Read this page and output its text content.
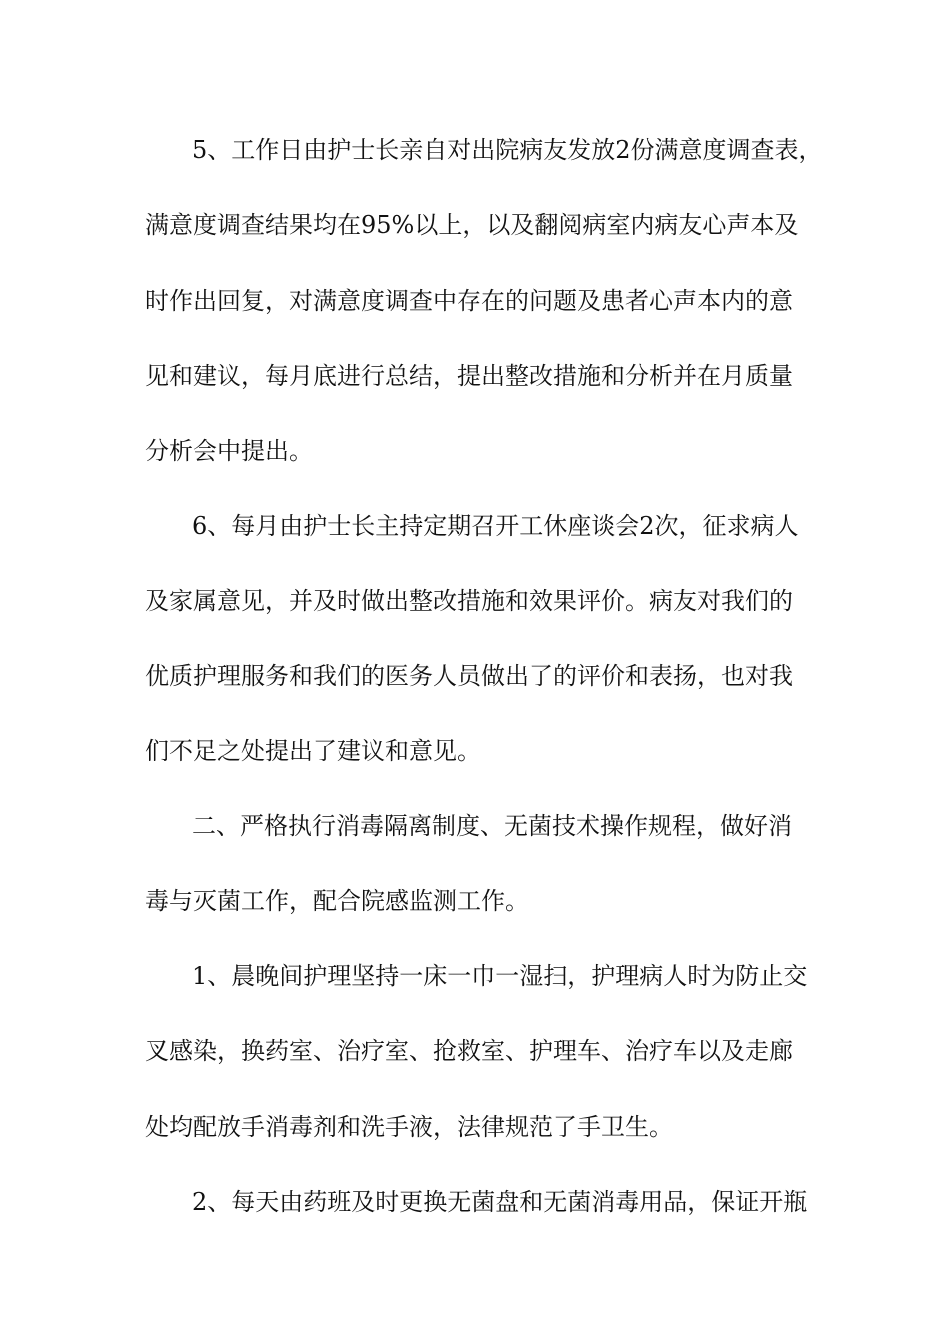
5、工作日由护士长亲自对出院病友发放2份满意度调查表，
满意度调查结果均在95%以上，以及翻阅病室内病友心声本及
时作出回复，对满意度调查中存在的问题及患者心声本内的意
见和建议，每月底进行总结，提出整改措施和分析并在月质量
分析会中提出。
6、每月由护士长主持定期召开工休座谈会2次，征求病人
及家属意见，并及时做出整改措施和效果评价。病友对我们的
优质护理服务和我们的医务人员做出了的评价和表扬，也对我
们不足之处提出了建议和意见。
二、严格执行消毒隔离制度、无菌技术操作规程，做好消
毒与灭菌工作，配合院感监测工作。
1、晨晚间护理坚持一床一巾一湿扫，护理病人时为防止交
叉感染，换药室、治疗室、抢救室、护理车、治疗车以及走廊
处均配放手消毒剂和洗手液，法律规范了手卫生。
2、每天由药班及时更换无菌盘和无菌消毒用品，保证开瓶
